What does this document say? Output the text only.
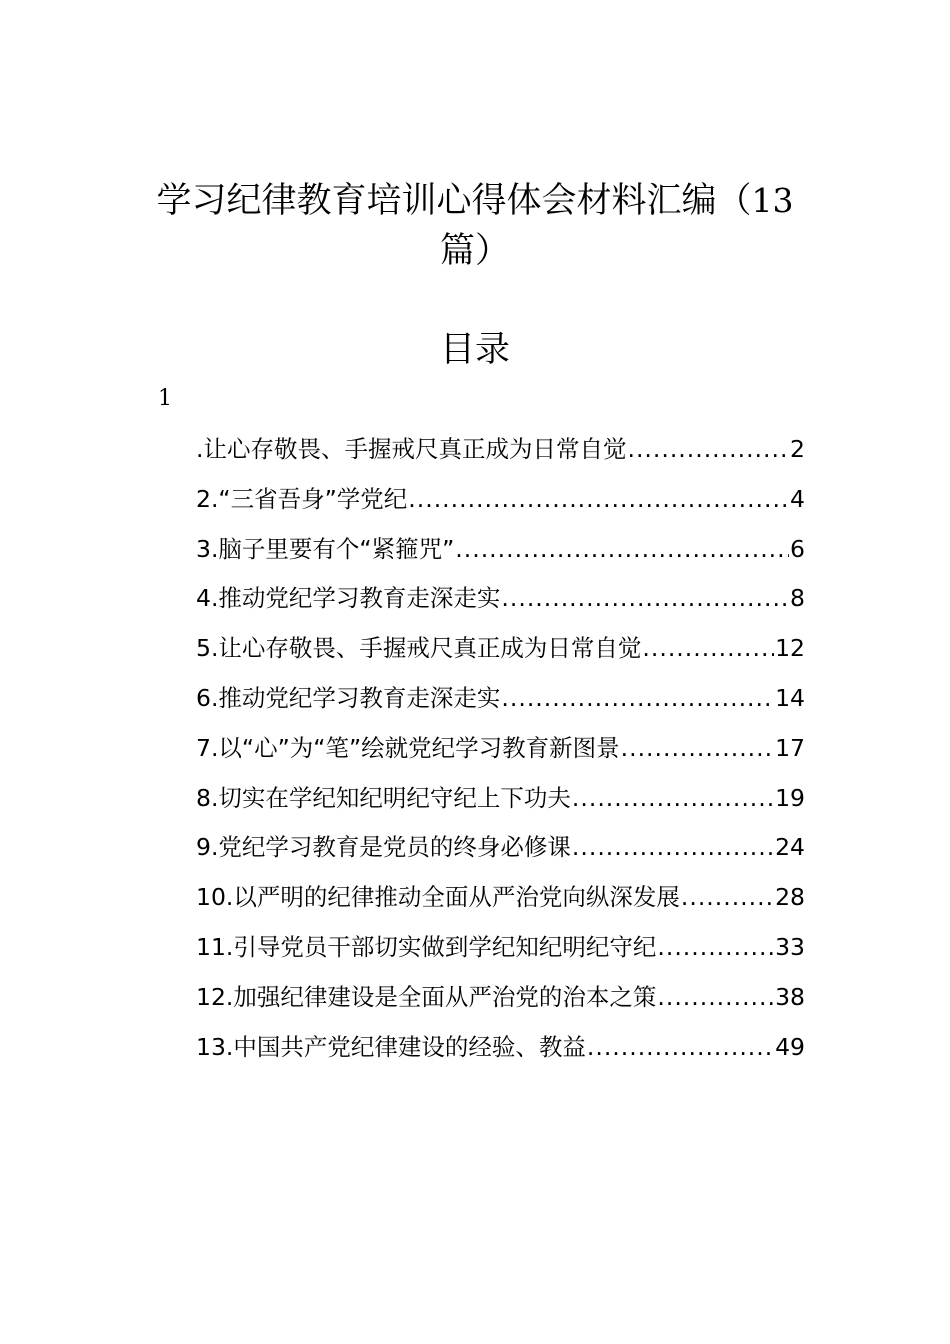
学习纪律教育培训心得体会材料汇编（13
篇）
目录
1
.让心存敬畏、手握戒尺真正成为日常自觉 .....	2
2.“三省吾身”学党纪 .....	4
3.脑子里要有个“紧箍咒” .....	6
4.推动党纪学习教育走深走实 .....	8
5.让心存敬畏、手握戒尺真正成为日常自觉 .....	12
6.推动党纪学习教育走深走实 .....	14
7.以“心”为“笔”绘就党纪学习教育新图景 .....	17
8.切实在学纪知纪明纪守纪上下功夫 .....	19
9.党纪学习教育是党员的终身必修课 .....	24
10.以严明的纪律推动全面从严治党向纵深发展 .....	28
11.引导党员干部切实做到学纪知纪明纪守纪 .....	33
12.加强纪律建设是全面从严治党的治本之策 .....	38
13.中国共产党纪律建设的经验、教益 .....	49
